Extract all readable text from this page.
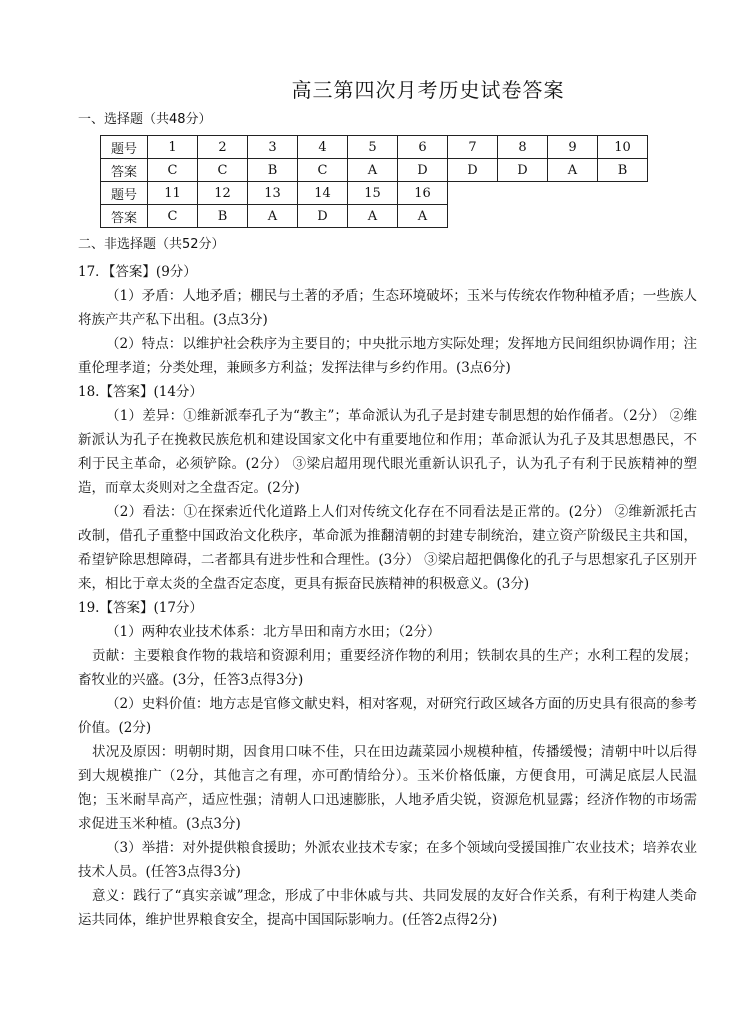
高三第四次月考历史试卷答案
一、选择题（共48分）
题号	1	2	3	4	5	6	7	8	9	10
答案	C	C	B	C	A	D	D	D	A	B
题号	11	12	13	14	15	16				
答案	C	B	A	D	A	A				
二、非选择题（共52分）

17．【答案】(9分）

（1）矛盾：人地矛盾；棚民与土著的矛盾；生态环境破坏；玉米与传统农作物种植矛盾；一些族人将族产共产私下出租。(3点3分)

（2）特点：以维护社会秩序为主要目的；中央批示地方实际处理；发挥地方民间组织协调作用；注重伦理孝道；分类处理，兼顾多方利益；发挥法律与乡约作用。(3点6分)

18.【答案】(14分）

（1）差异：①维新派奉孔子为“教主”；革命派认为孔子是封建专制思想的始作俑者。（2分） ②维新派认为孔子在挽救民族危机和建设国家文化中有重要地位和作用；革命派认为孔子及其思想愚民，不利于民主革命，必须铲除。(2分） ③梁启超用现代眼光重新认识孔子，认为孔子有利于民族精神的塑造，而章太炎则对之全盘否定。(2分)

（2）看法：①在探索近代化道路上人们对传统文化存在不同看法是正常的。(2分） ②维新派托古改制，借孔子重整中国政治文化秩序，革命派为推翻清朝的封建专制统治，建立资产阶级民主共和国，希望铲除思想障碍，二者都具有进步性和合理性。(3分） ③梁启超把偶像化的孔子与思想家孔子区别开来，相比于章太炎的全盘否定态度，更具有振奋民族精神的积极意义。(3分)

19.【答案】(17分）

（1）两种农业技术体系：北方旱田和南方水田；（2分）

贡献：主要粮食作物的栽培和资源利用；重要经济作物的利用；铁制农具的生产；水利工程的发展；畜牧业的兴盛。(3分，任答3点得3分)

（2）史料价值：地方志是官修文献史料，相对客观，对研究行政区域各方面的历史具有很高的参考价值。(2分)

状况及原因：明朝时期，因食用口味不佳，只在田边蔬菜园小规模种植，传播缓慢；清朝中叶以后得到大规模推广（2分，其他言之有理，亦可酌情给分）。玉米价格低廉，方便食用，可满足底层人民温饱；玉米耐旱高产，适应性强；清朝人口迅速膨胀，人地矛盾尖锐，资源危机显露；经济作物的市场需求促进玉米种植。(3点3分)

（3）举措：对外提供粮食援助；外派农业技术专家；在多个领域向受援国推广农业技术；培养农业技术人员。(任答3点得3分)

意义：践行了“真实亲诚”理念，形成了中非休戚与共、共同发展的友好合作关系，有利于构建人类命运共同体，维护世界粮食安全，提高中国国际影响力。(任答2点得2分)
